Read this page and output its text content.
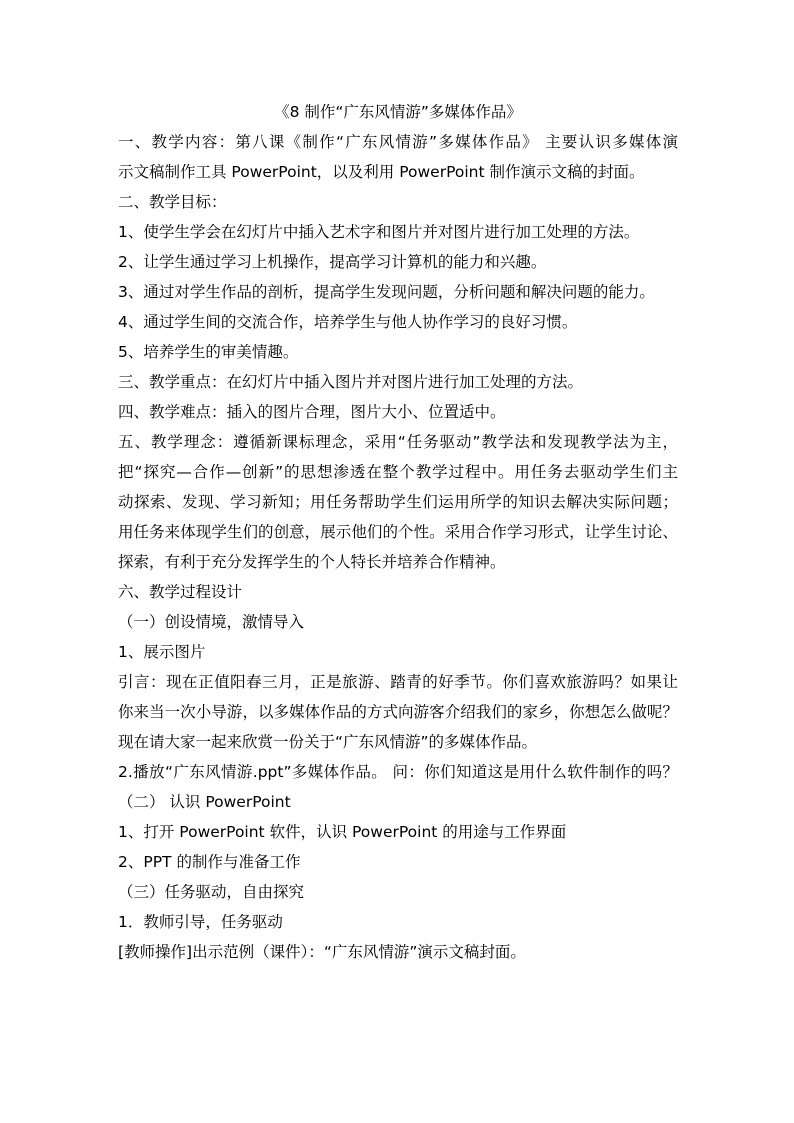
《8 制作“广东风情游”多媒体作品》

一、教学内容：第八课《制作“广东风情游”多媒体作品》 主要认识多媒体演

示文稿制作工具 PowerPoint，以及利用 PowerPoint 制作演示文稿的封面。

二、教学目标：

1、使学生学会在幻灯片中插入艺术字和图片并对图片进行加工处理的方法。

2、让学生通过学习上机操作，提高学习计算机的能力和兴趣。

3、通过对学生作品的剖析，提高学生发现问题，分析问题和解决问题的能力。

4、通过学生间的交流合作，培养学生与他人协作学习的良好习惯。

5、培养学生的审美情趣。

三、教学重点：在幻灯片中插入图片并对图片进行加工处理的方法。

四、教学难点：插入的图片合理，图片大小、位置适中。

五、教学理念：遵循新课标理念，采用“任务驱动”教学法和发现教学法为主，

把“探究—合作—创新”的思想渗透在整个教学过程中。用任务去驱动学生们主

动探索、发现、学习新知；用任务帮助学生们运用所学的知识去解决实际问题；

用任务来体现学生们的创意，展示他们的个性。采用合作学习形式，让学生讨论、

探索，有利于充分发挥学生的个人特长并培养合作精神。

六、教学过程设计

（一）创设情境，激情导入

1、展示图片

引言：现在正值阳春三月，正是旅游、踏青的好季节。你们喜欢旅游吗？如果让

你来当一次小导游，以多媒体作品的方式向游客介绍我们的家乡，你想怎么做呢？

现在请大家一起来欣赏一份关于“广东风情游”的多媒体作品。

2.播放“广东风情游.ppt”多媒体作品。 问：你们知道这是用什么软件制作的吗？

（二） 认识 PowerPoint

1、打开 PowerPoint 软件，认识 PowerPoint 的用途与工作界面

2、PPT 的制作与准备工作

（三）任务驱动，自由探究

1．教师引导，任务驱动

[教师操作]出示范例（课件）：“广东风情游”演示文稿封面。
